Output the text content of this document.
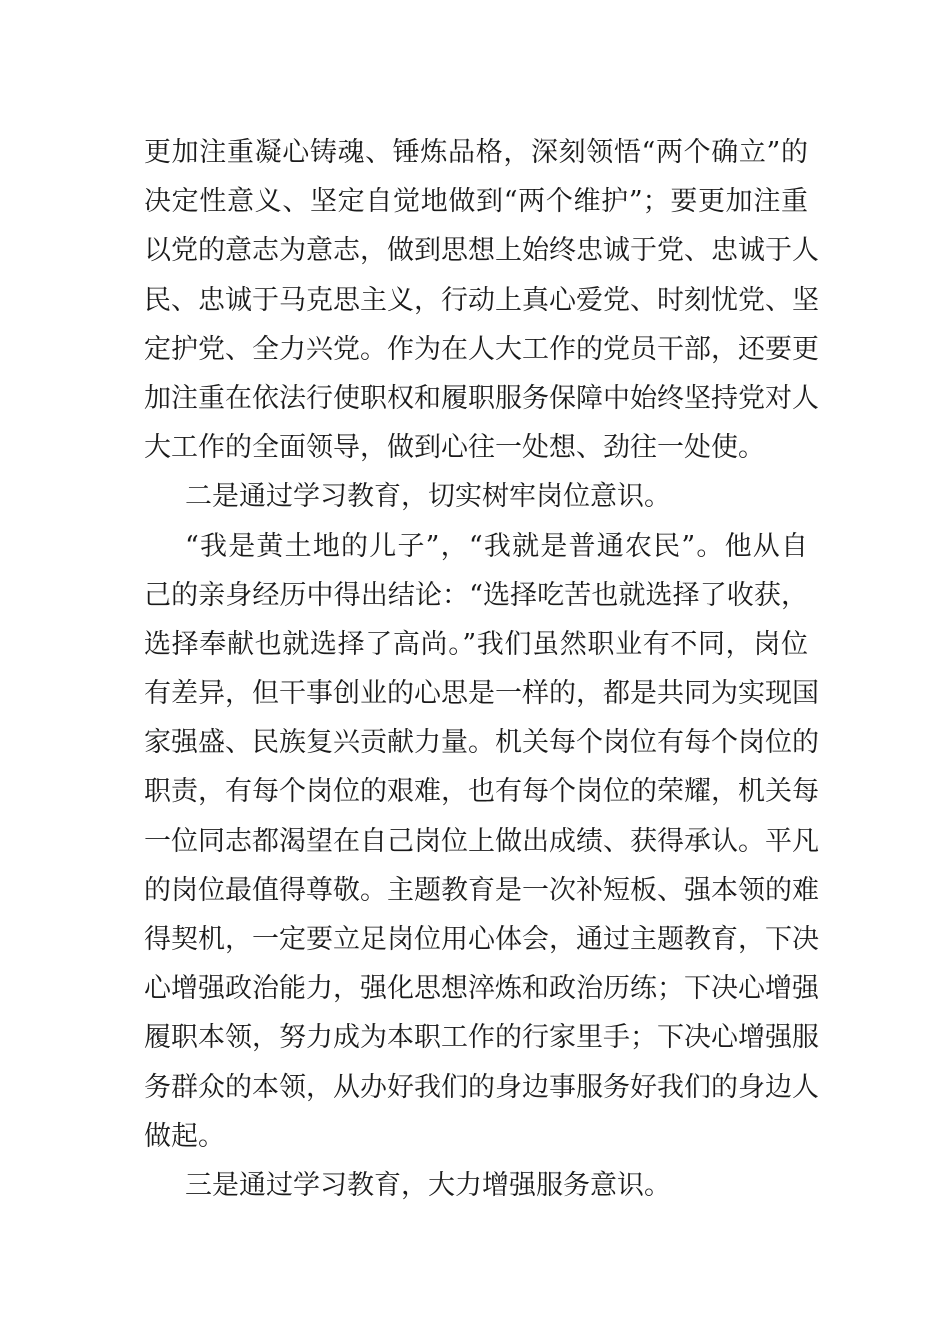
更加注重凝心铸魂、锤炼品格，深刻领悟“两个确立”的
决定性意义、坚定自觉地做到“两个维护”；要更加注重
以党的意志为意志，做到思想上始终忠诚于党、忠诚于人
民、忠诚于马克思主义，行动上真心爱党、时刻忧党、坚
定护党、全力兴党。作为在人大工作的党员干部，还要更
加注重在依法行使职权和履职服务保障中始终坚持党对人
大工作的全面领导，做到心往一处想、劲往一处使。
二是通过学习教育，切实树牢岗位意识。
“我是黄土地的儿子”，“我就是普通农民”。他从自
己的亲身经历中得出结论：“选择吃苦也就选择了收获，
选择奉献也就选择了高尚。”我们虽然职业有不同，岗位
有差异，但干事创业的心思是一样的，都是共同为实现国
家强盛、民族复兴贡献力量。机关每个岗位有每个岗位的
职责，有每个岗位的艰难，也有每个岗位的荣耀，机关每
一位同志都渴望在自己岗位上做出成绩、获得承认。平凡
的岗位最值得尊敬。主题教育是一次补短板、强本领的难
得契机，一定要立足岗位用心体会，通过主题教育，下决
心增强政治能力，强化思想淬炼和政治历练；下决心增强
履职本领，努力成为本职工作的行家里手；下决心增强服
务群众的本领，从办好我们的身边事服务好我们的身边人
做起。
三是通过学习教育，大力增强服务意识。
